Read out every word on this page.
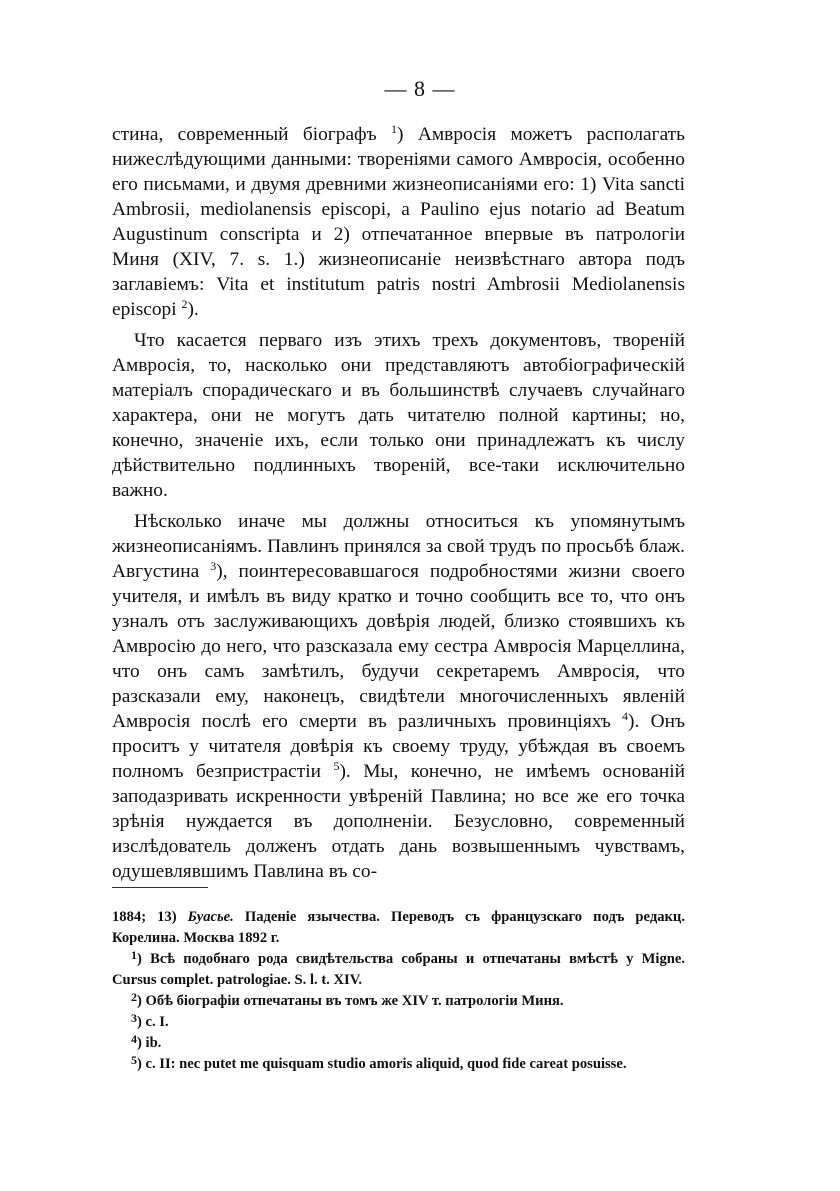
— 8 —

стина, современный біографъ $^1$) Амвросія можетъ располагать нижеслѣдующими данными: твореніями самого Амвросія, особенно его письмами, и двумя древними жизнеописаніями его: 1) Vita sancti Ambrosii, mediolanensis episcopi, a Paulino ejus notario ad Beatum Augustinum conscripta и 2) отпечатанное впервые въ патрологіи Миня (XIV, 7. s. 1.) жизнеописаніе неизвѣстнаго автора подъ заглавіемъ: Vita et institutum patris nostri Ambrosii Mediolanensis episcopi $^2$).

Что касается перваго изъ этихъ трехъ документовъ, творенiй Амвросія, то, насколько они представляютъ автобіографическій матеріалъ спорадическаго и въ большинствѣ случаевъ случайнаго характера, они не могутъ дать читателю полной картины; но, конечно, значеніе ихъ, если только они принадлежатъ къ числу дѣйствительно подлинныхъ твореній, все-таки исключительно важно.

Нѣсколько иначе мы должны относиться къ упомянутымъ жизнеописаніямъ. Павлинъ принялся за свой трудъ по просьбѣ блаж. Августина $^3$), поинтересовавшагося подробностями жизни своего учителя, и имѣлъ въ виду кратко и точно сообщить все то, что онъ узналъ отъ заслуживающихъ довѣрія людей, близко стоявшихъ къ Амвросію до него, что разсказала ему сестра Амвросія Марцеллина, что онъ самъ замѣтилъ, будучи секретаремъ Амвросія, что разсказали ему, наконецъ, свидѣтели многочисленныхъ явленій Амвросія послѣ его смерти въ различныхъ провинціяхъ $^4$). Онъ проситъ у читателя довѣрія къ своему труду, убѣждая въ своемъ полномъ безпристрастіи $^5$). Мы, конечно, не имѣемъ основаній заподазривать искренности увѣреній Павлина; но все же его точка зрѣнія нуждается въ дополненіи. Безусловно, современный изслѣдователь долженъ отдать дань возвышеннымъ чувствамъ, одушевлявшимъ Павлина въ со-

1884; 13) Буасье. Паденіе язычества. Переводъ съ французскаго подъ редакц. Корелина. Москва 1892 г.

$^1$) Всѣ подобнаго рода свидѣтельства собраны и отпечатаны вмѣстѣ у Migne. Cursus complet. patrologiae. S. l. t. XIV.

$^2$) Обѣ біографіи отпечатаны въ томъ же XIV т. патрологіи Миня.

$^3$) c. I.

$^4$) ib.

$^5$) c. II: nec putet me quisquam studio amoris aliquid, quod fide careat posuisse.
